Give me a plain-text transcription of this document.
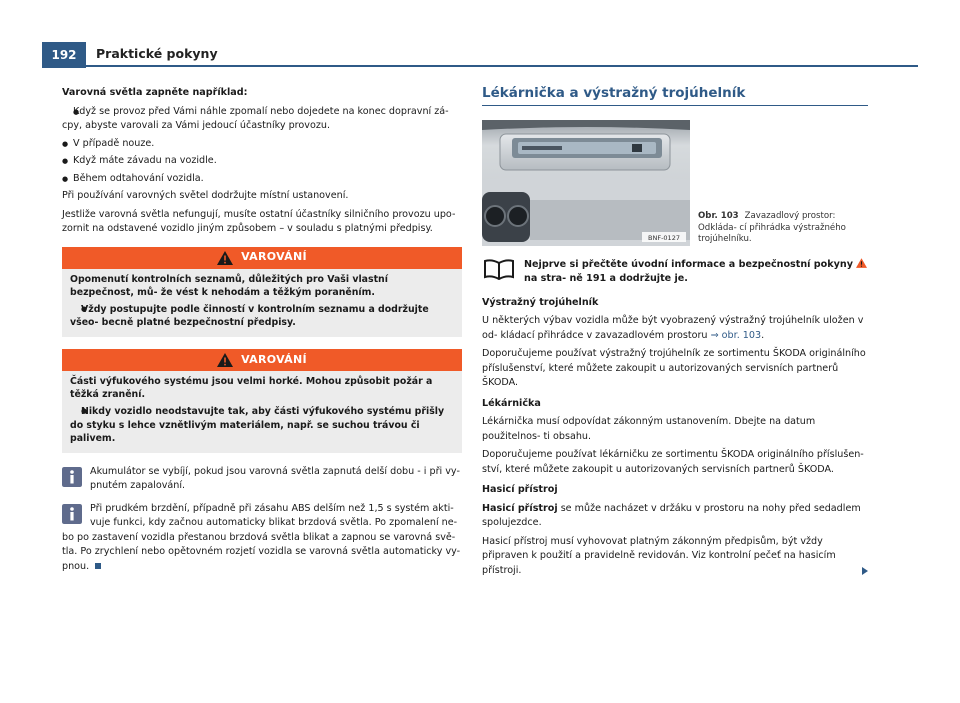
192	Praktické pokyny

Varovná světla zapněte například:

● Když se provoz před Vámi náhle zpomalí nebo dojedete na konec dopravní zá- cpy, abyste varovali za Vámi jedoucí účastníky provozu.

● V případě nouze.

● Když máte závadu na vozidle.

● Během odtahování vozidla.

Při používání varovných světel dodržujte místní ustanovení.

Jestliže varovná světla nefungují, musíte ostatní účastníky silničního provozu upo- zornit na odstavené vozidlo jiným způsobem – v souladu s platnými předpisy.

VAROVÁNÍ

Opomenutí kontrolních seznamů, důležitých pro Vaši vlastní bezpečnost, mů- že vést k nehodám a těžkým poraněním.

● Vždy postupujte podle činností v kontrolním seznamu a dodržujte všeo- becně platné bezpečnostní předpisy.

VAROVÁNÍ

Části výfukového systému jsou velmi horké. Mohou způsobit požár a těžká zranění.

● Nikdy vozidlo neodstavujte tak, aby části výfukového systému přišly do styku s lehce vznětlivým materiálem, např. se suchou trávou či palivem.

Akumulátor se vybíjí, pokud jsou varovná světla zapnutá delší dobu - i při vy- pnutém zapalování.

Při prudkém brzdění, případně při zásahu ABS delším než 1,5 s systém akti- vuje funkci, kdy začnou automaticky blikat brzdová světla. Po zpomalení ne- bo po zastavení vozidla přestanou brzdová světla blikat a zapnou se varovná svě- tla. Po zrychlení nebo opětovném rozjetí vozidla se varovná světla automaticky vy- pnou.

Lékárnička a výstražný trojúhelník
BNF-0127
Obr. 103 Zavazadlový prostor: Odkláda- cí přihrádka výstražného trojúhelníku.
Nejprve si přečtěte úvodní informace a bezpečnostní pokyny  na stra- ně 191 a dodržujte je.

Výstražný trojúhelník

U některých výbav vozidla může být vyobrazený výstražný trojúhelník uložen v od- kládací přihrádce v zavazadlovém prostoru ⇒ obr. 103.

Doporučujeme používat výstražný trojúhelník ze sortimentu ŠKODA originálního příslušenství, které můžete zakoupit u autorizovaných servisních partnerů ŠKODA.

Lékárnička

Lékárnička musí odpovídat zákonným ustanovením. Dbejte na datum použitelnos- ti obsahu.

Doporučujeme používat lékárničku ze sortimentu ŠKODA originálního příslušen- ství, které můžete zakoupit u autorizovaných servisních partnerů ŠKODA.

Hasicí přístroj

Hasicí přístroj se může nacházet v držáku v prostoru na nohy před sedadlem spolujezdce.

Hasicí přístroj musí vyhovovat platným zákonným předpisům, být vždy připraven k použití a pravidelně revidován. Viz kontrolní pečeť na hasicím přístroji.
